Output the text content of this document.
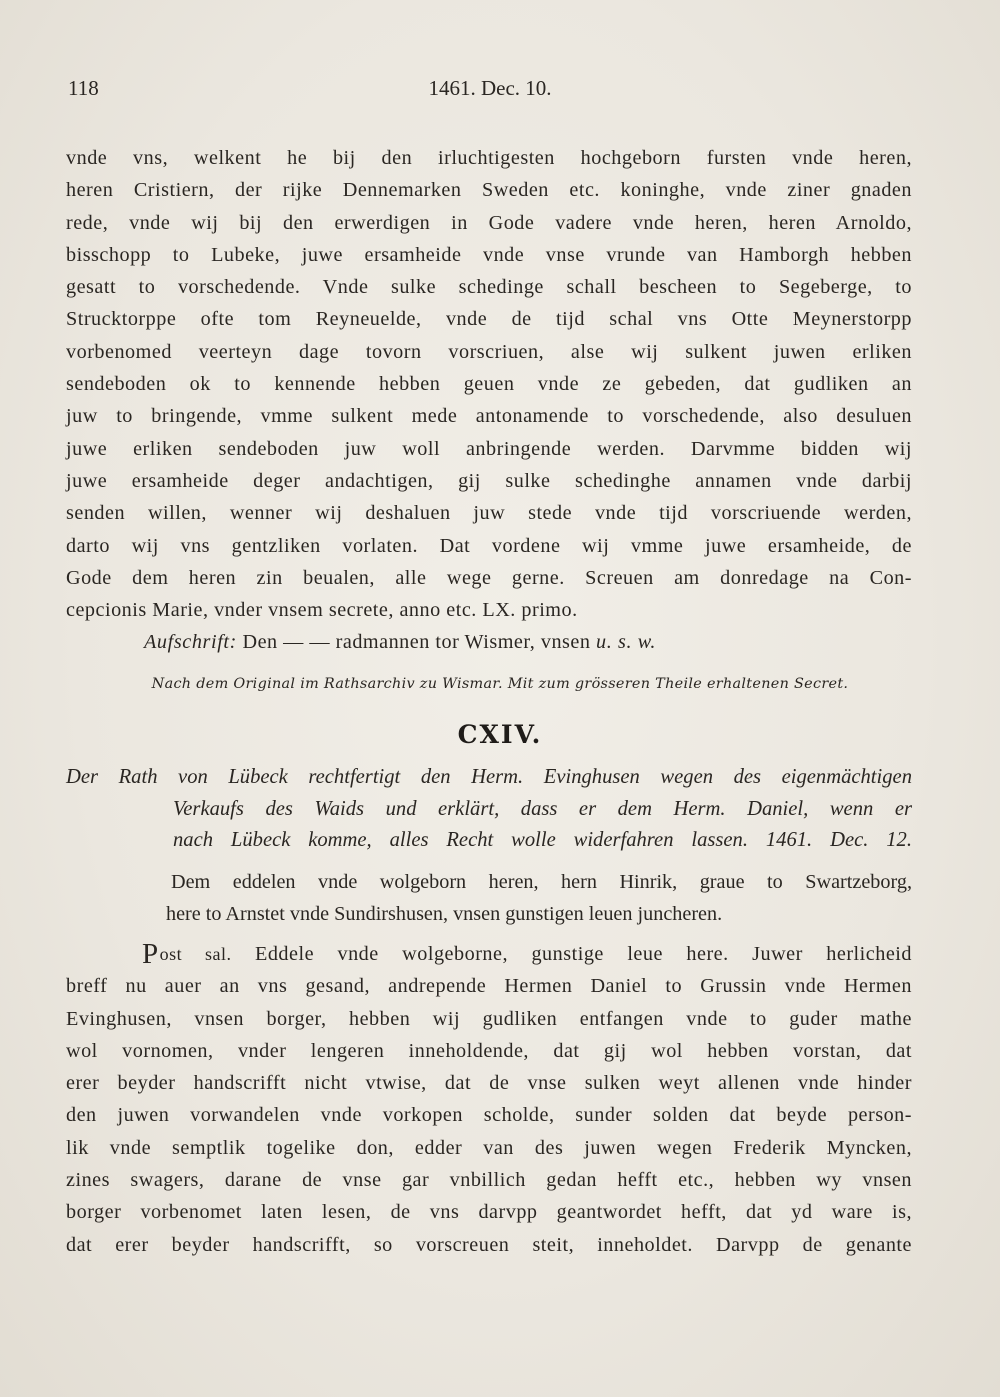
118	1461. Dec. 10.
vnde vns, welkent he bij den irluchtigesten hochgeborn fursten vnde heren,
heren Cristiern, der rijke Dennemarken Sweden etc. koninghe, vnde ziner gnaden
rede, vnde wij bij den erwerdigen in Gode vadere vnde heren, heren Arnoldo,
bisschopp to Lubeke, juwe ersamheide vnde vnse vrunde van Hamborgh hebben
gesatt to vorschedende. Vnde sulke schedinge schall bescheen to Segeberge, to
Strucktorppe ofte tom Reyneuelde, vnde de tijd schal vns Otte Meynerstorpp
vorbenomed veerteyn dage tovorn vorscriuen, alse wij sulkent juwen erliken
sendeboden ok to kennende hebben geuen vnde ze gebeden, dat gudliken an
juw to bringende, vmme sulkent mede antonamende to vorschedende, also desuluen
juwe erliken sendeboden juw woll anbringende werden. Darvmme bidden wij
juwe ersamheide deger andachtigen, gij sulke schedinghe annamen vnde darbij
senden willen, wenner wij deshaluen juw stede vnde tijd vorscriuende werden,
darto wij vns gentzliken vorlaten. Dat vordene wij vmme juwe ersamheide, de
Gode dem heren zin beualen, alle wege gerne. Screuen am donredage na Con-
cepcionis Marie, vnder vnsem secrete, anno etc. LX. primo.
Aufschrift: Den — — radmannen tor Wismer, vnsen u. s. w.
Nach dem Original im Rathsarchiv zu Wismar. Mit zum grösseren Theile erhaltenen Secret.
CXIV.
Der Rath von Lübeck rechtfertigt den Herm. Evinghusen wegen des eigenmächtigen
Verkaufs des Waids und erklärt, dass er dem Herm. Daniel, wenn er
nach Lübeck komme, alles Recht wolle widerfahren lassen. 1461. Dec. 12.
Dem eddelen vnde wolgeborn heren, hern Hinrik, graue to Swartzeborg,
here to Arnstet vnde Sundirshusen, vnsen gunstigen leuen juncheren.
Post sal. Eddele vnde wolgeborne, gunstige leue here. Juwer herlicheid
breff nu auer an vns gesand, andrepende Hermen Daniel to Grussin vnde Hermen
Evinghusen, vnsen borger, hebben wij gudliken entfangen vnde to guder mathe
wol vornomen, vnder lengeren inneholdende, dat gij wol hebben vorstan, dat
erer beyder handscrifft nicht vtwise, dat de vnse sulken weyt allenen vnde hinder
den juwen vorwandelen vnde vorkopen scholde, sunder solden dat beyde person-
lik vnde semptlik togelike don, edder van des juwen wegen Frederik Myncken,
zines swagers, darane de vnse gar vnbillich gedan hefft etc., hebben wy vnsen
borger vorbenomet laten lesen, de vns darvpp geantwordet hefft, dat yd ware is,
dat erer beyder handscrifft, so vorscreuen steit, inneholdet. Darvpp de genante
